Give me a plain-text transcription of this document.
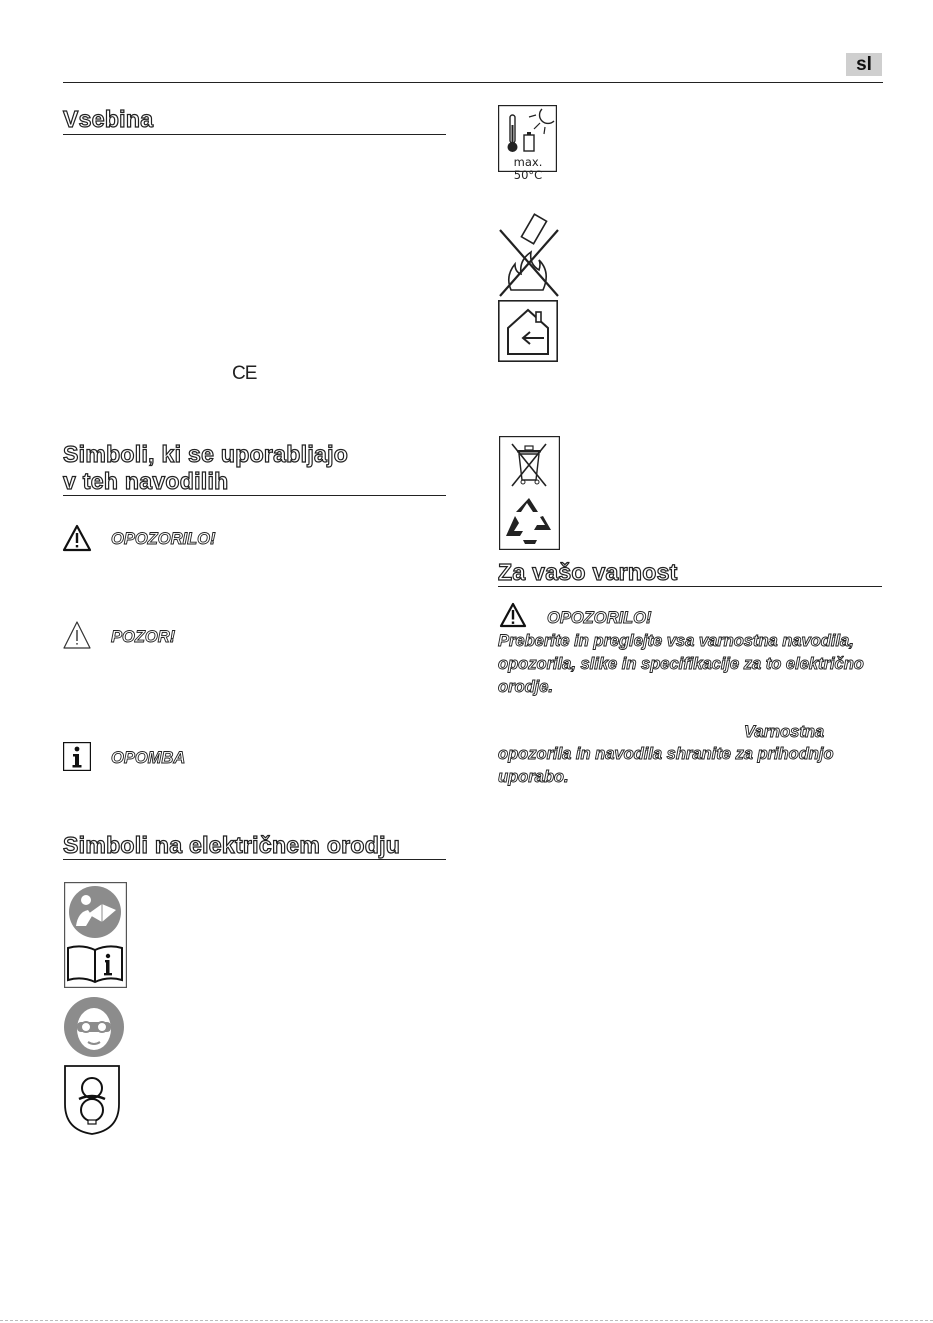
sl
Vsebina
CE
Simboli, ki se uporabljajo
v teh navodilih
OPOZORILO!
POZOR!
OPOMBA
Simboli na električnem orodju
max. 50°C
Za vašo varnost
OPOZORILO!
Preberite in preglejte vsa varnostna navodila,
opozorila, slike in specifikacije za to električno
orodje.
Varnostna
opozorila in navodila shranite za prihodnjo
uporabo.
